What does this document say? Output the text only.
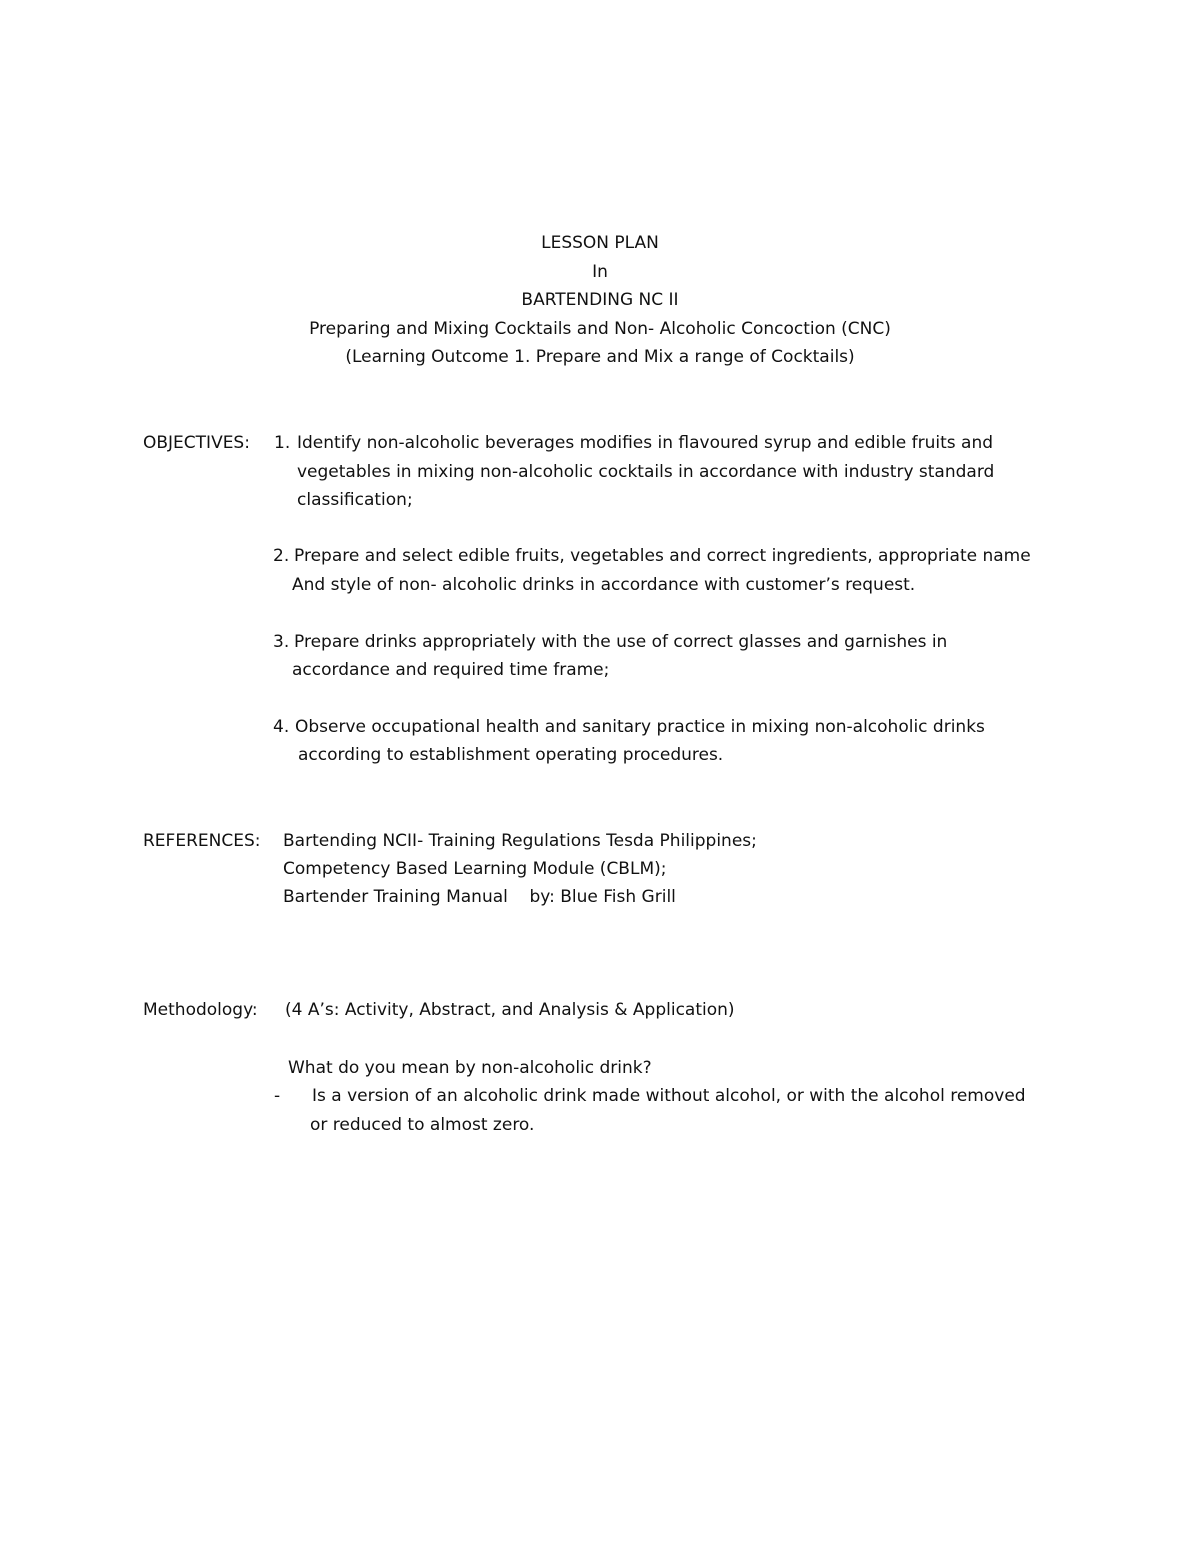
LESSON PLAN
In
BARTENDING NC II
Preparing and Mixing Cocktails and Non- Alcoholic Concoction (CNC)
(Learning Outcome 1. Prepare and Mix a range of Cocktails)
OBJECTIVES: 1. Identify non-alcoholic beverages modifies in flavoured syrup and edible fruits and
vegetables in mixing non-alcoholic cocktails in accordance with industry standard
classification;
2. Prepare and select edible fruits, vegetables and correct ingredients, appropriate name
And style of non- alcoholic drinks in accordance with customer’s request.
3. Prepare drinks appropriately with the use of correct glasses and garnishes in
accordance and required time frame;
4. Observe occupational health and sanitary practice in mixing non-alcoholic drinks
according to establishment operating procedures.
REFERENCES: Bartending NCII- Training Regulations Tesda Philippines;
Competency Based Learning Module (CBLM);
Bartender Training Manual    by: Blue Fish Grill
Methodology: (4 A’s: Activity, Abstract, and Analysis & Application)
What do you mean by non-alcoholic drink?
- Is a version of an alcoholic drink made without alcohol, or with the alcohol removed
or reduced to almost zero.
